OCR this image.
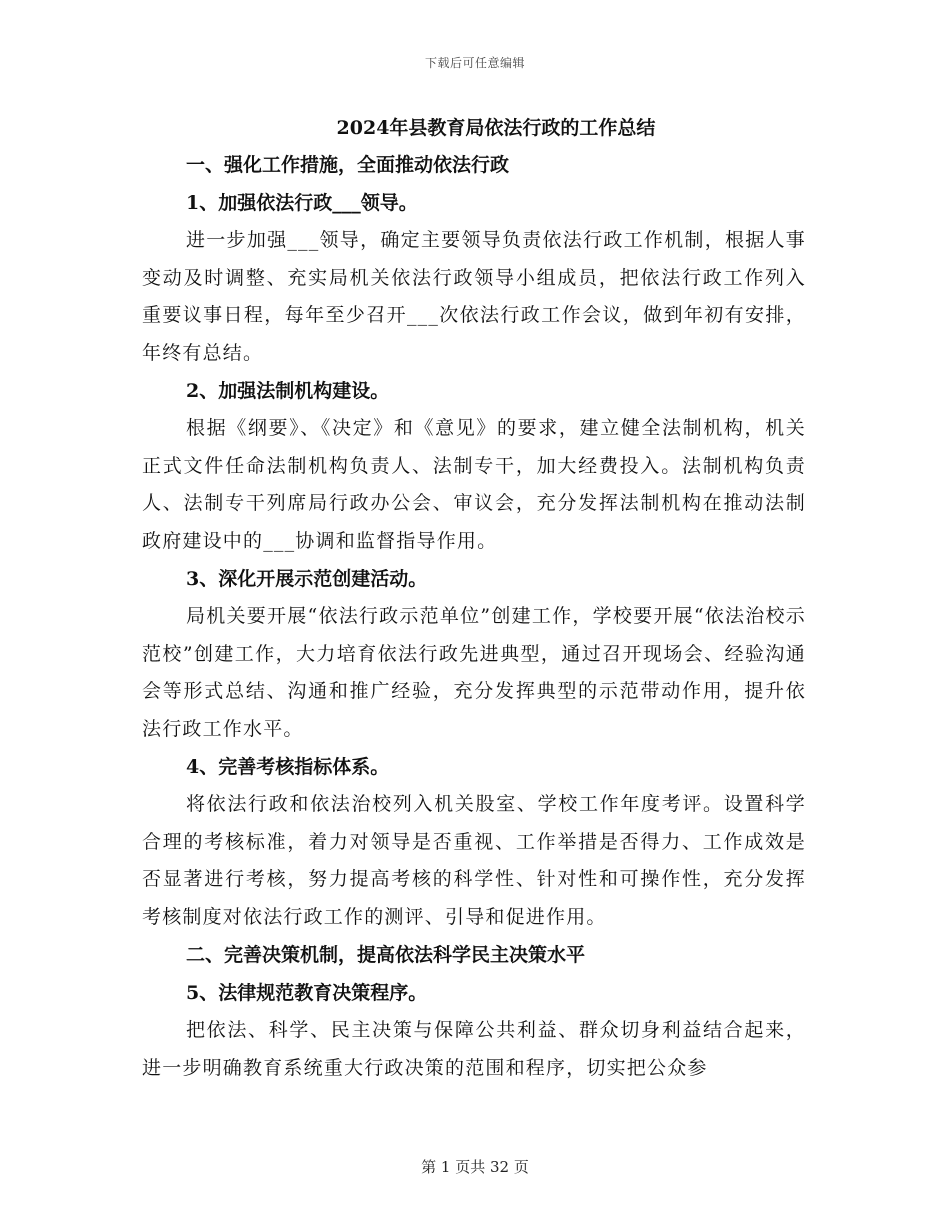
下载后可任意编辑
2024年县教育局依法行政的工作总结
一、强化工作措施，全面推动依法行政
1、加强依法行政___领导。

进一步加强___领导，确定主要领导负责依法行政工作机制，根据人事变动及时调整、充实局机关依法行政领导小组成员，把依法行政工作列入重要议事日程，每年至少召开___次依法行政工作会议，做到年初有安排，年终有总结。

2、加强法制机构建设。

根据《纲要》、《决定》和《意见》的要求，建立健全法制机构，机关正式文件任命法制机构负责人、法制专干，加大经费投入。法制机构负责人、法制专干列席局行政办公会、审议会，充分发挥法制机构在推动法制政府建设中的___协调和监督指导作用。

3、深化开展示范创建活动。

局机关要开展“依法行政示范单位”创建工作，学校要开展“依法治校示范校”创建工作，大力培育依法行政先进典型，通过召开现场会、经验沟通会等形式总结、沟通和推广经验，充分发挥典型的示范带动作用，提升依法行政工作水平。

4、完善考核指标体系。

将依法行政和依法治校列入机关股室、学校工作年度考评。设置科学合理的考核标准，着力对领导是否重视、工作举措是否得力、工作成效是否显著进行考核，努力提高考核的科学性、针对性和可操作性，充分发挥考核制度对依法行政工作的测评、引导和促进作用。

二、完善决策机制，提高依法科学民主决策水平
5、法律规范教育决策程序。

把依法、科学、民主决策与保障公共利益、群众切身利益结合起来，进一步明确教育系统重大行政决策的范围和程序，切实把公众参

第 1 页共 32 页
